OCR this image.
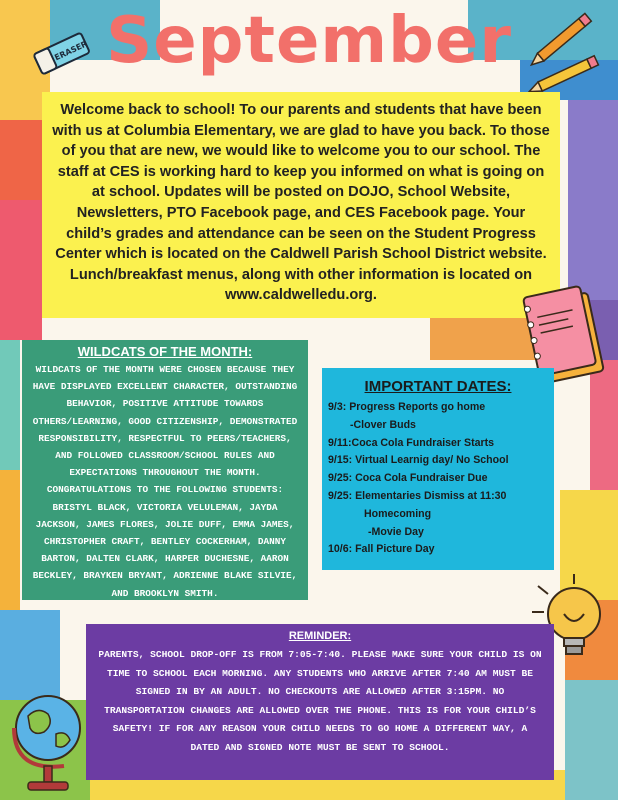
ERASER September
Welcome back to school! To our parents and students that have been with us at Columbia Elementary, we are glad to have you back. To those of you that are new, we would like to welcome you to our school. The staff at CES is working hard to keep you informed on what is going on at school. Updates will be posted on DOJO, School Website, Newsletters, PTO Facebook page, and CES Facebook page. Your child’s grades and attendance can be seen on the Student Progress Center which is located on the Caldwell Parish School District website. Lunch/breakfast menus, along with other information is located on www.caldwelledu.org.
WILDCATS OF THE MONTH:
WILDCATS OF THE MONTH WERE CHOSEN BECAUSE THEY HAVE DISPLAYED EXCELLENT CHARACTER, OUTSTANDING BEHAVIOR, POSITIVE ATTITUDE TOWARDS OTHERS/LEARNING, GOOD CITIZENSHIP, DEMONSTRATED RESPONSIBILITY, RESPECTFUL TO PEERS/TEACHERS, AND FOLLOWED CLASSROOM/SCHOOL RULES AND EXPECTATIONS THROUGHOUT THE MONTH. CONGRATULATIONS TO THE FOLLOWING STUDENTS: BRISTYL BLACK, VICTORIA VELULEMAN, JAYDA JACKSON, JAMES FLORES, JOLIE DUFF, EMMA JAMES, CHRISTOPHER CRAFT, BENTLEY COCKERHAM, DANNY BARTON, DALTEN CLARK, HARPER DUCHESNE, AARON BECKLEY, BRAYKEN BRYANT, ADRIENNE BLAKE SILVIE, AND BROOKLYN SMITH.
IMPORTANT DATES:
9/3: Progress Reports go home
-Clover Buds
9/11:Coca Cola Fundraiser Starts
9/15: Virtual Learnig day/ No School
9/25: Coca Cola Fundraiser Due
9/25: Elementaries Dismiss at 11:30
Homecoming
-Movie Day
10/6: Fall Picture Day
REMINDER:
PARENTS, SCHOOL DROP-OFF IS FROM 7:05-7:40. PLEASE MAKE SURE YOUR CHILD IS ON TIME TO SCHOOL EACH MORNING. ANY STUDENTS WHO ARRIVE AFTER 7:40 AM MUST BE SIGNED IN BY AN ADULT. NO CHECKOUTS ARE ALLOWED AFTER 3:15PM. NO TRANSPORTATION CHANGES ARE ALLOWED OVER THE PHONE. THIS IS FOR YOUR CHILD’S SAFETY! IF FOR ANY REASON YOUR CHILD NEEDS TO GO HOME A DIFFERENT WAY, A DATED AND SIGNED NOTE MUST BE SENT TO SCHOOL.
